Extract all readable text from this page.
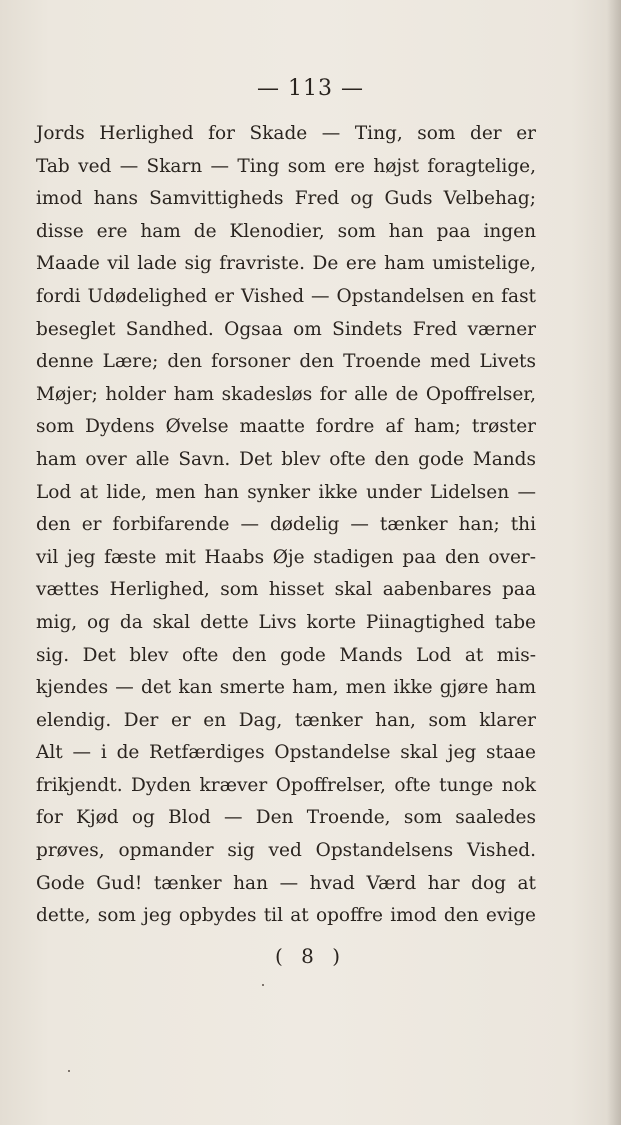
— 113 —
Jords Herlighed for Skade — Ting, som der er
Tab ved — Skarn — Ting som ere højst foragtelige,
imod hans Samvittigheds Fred og Guds Velbehag;
disse ere ham de Klenodier, som han paa ingen
Maade vil lade sig fravriste. De ere ham umistelige,
fordi Udødelighed er Vished — Opstandelsen en fast
beseglet Sandhed. Ogsaa om Sindets Fred værner
denne Lære; den forsoner den Troende med Livets
Møjer; holder ham skadesløs for alle de Opoffrelser,
som Dydens Øvelse maatte fordre af ham; trøster
ham over alle Savn. Det blev ofte den gode Mands
Lod at lide, men han synker ikke under Lidelsen —
den er forbifarende — dødelig — tænker han; thi
vil jeg fæste mit Haabs Øje stadigen paa den over-
vættes Herlighed, som hisset skal aabenbares paa
mig, og da skal dette Livs korte Piinagtighed tabe
sig. Det blev ofte den gode Mands Lod at mis-
kjendes — det kan smerte ham, men ikke gjøre ham
elendig. Der er en Dag, tænker han, som klarer
Alt — i de Retfærdiges Opstandelse skal jeg staae
frikjendt. Dyden kræver Opoffrelser, ofte tunge nok
for Kjød og Blod — Den Troende, som saaledes
prøves, opmander sig ved Opstandelsens Vished.
Gode Gud! tænker han — hvad Værd har dog at
dette, som jeg opbydes til at opoffre imod den evige
( 8 )
